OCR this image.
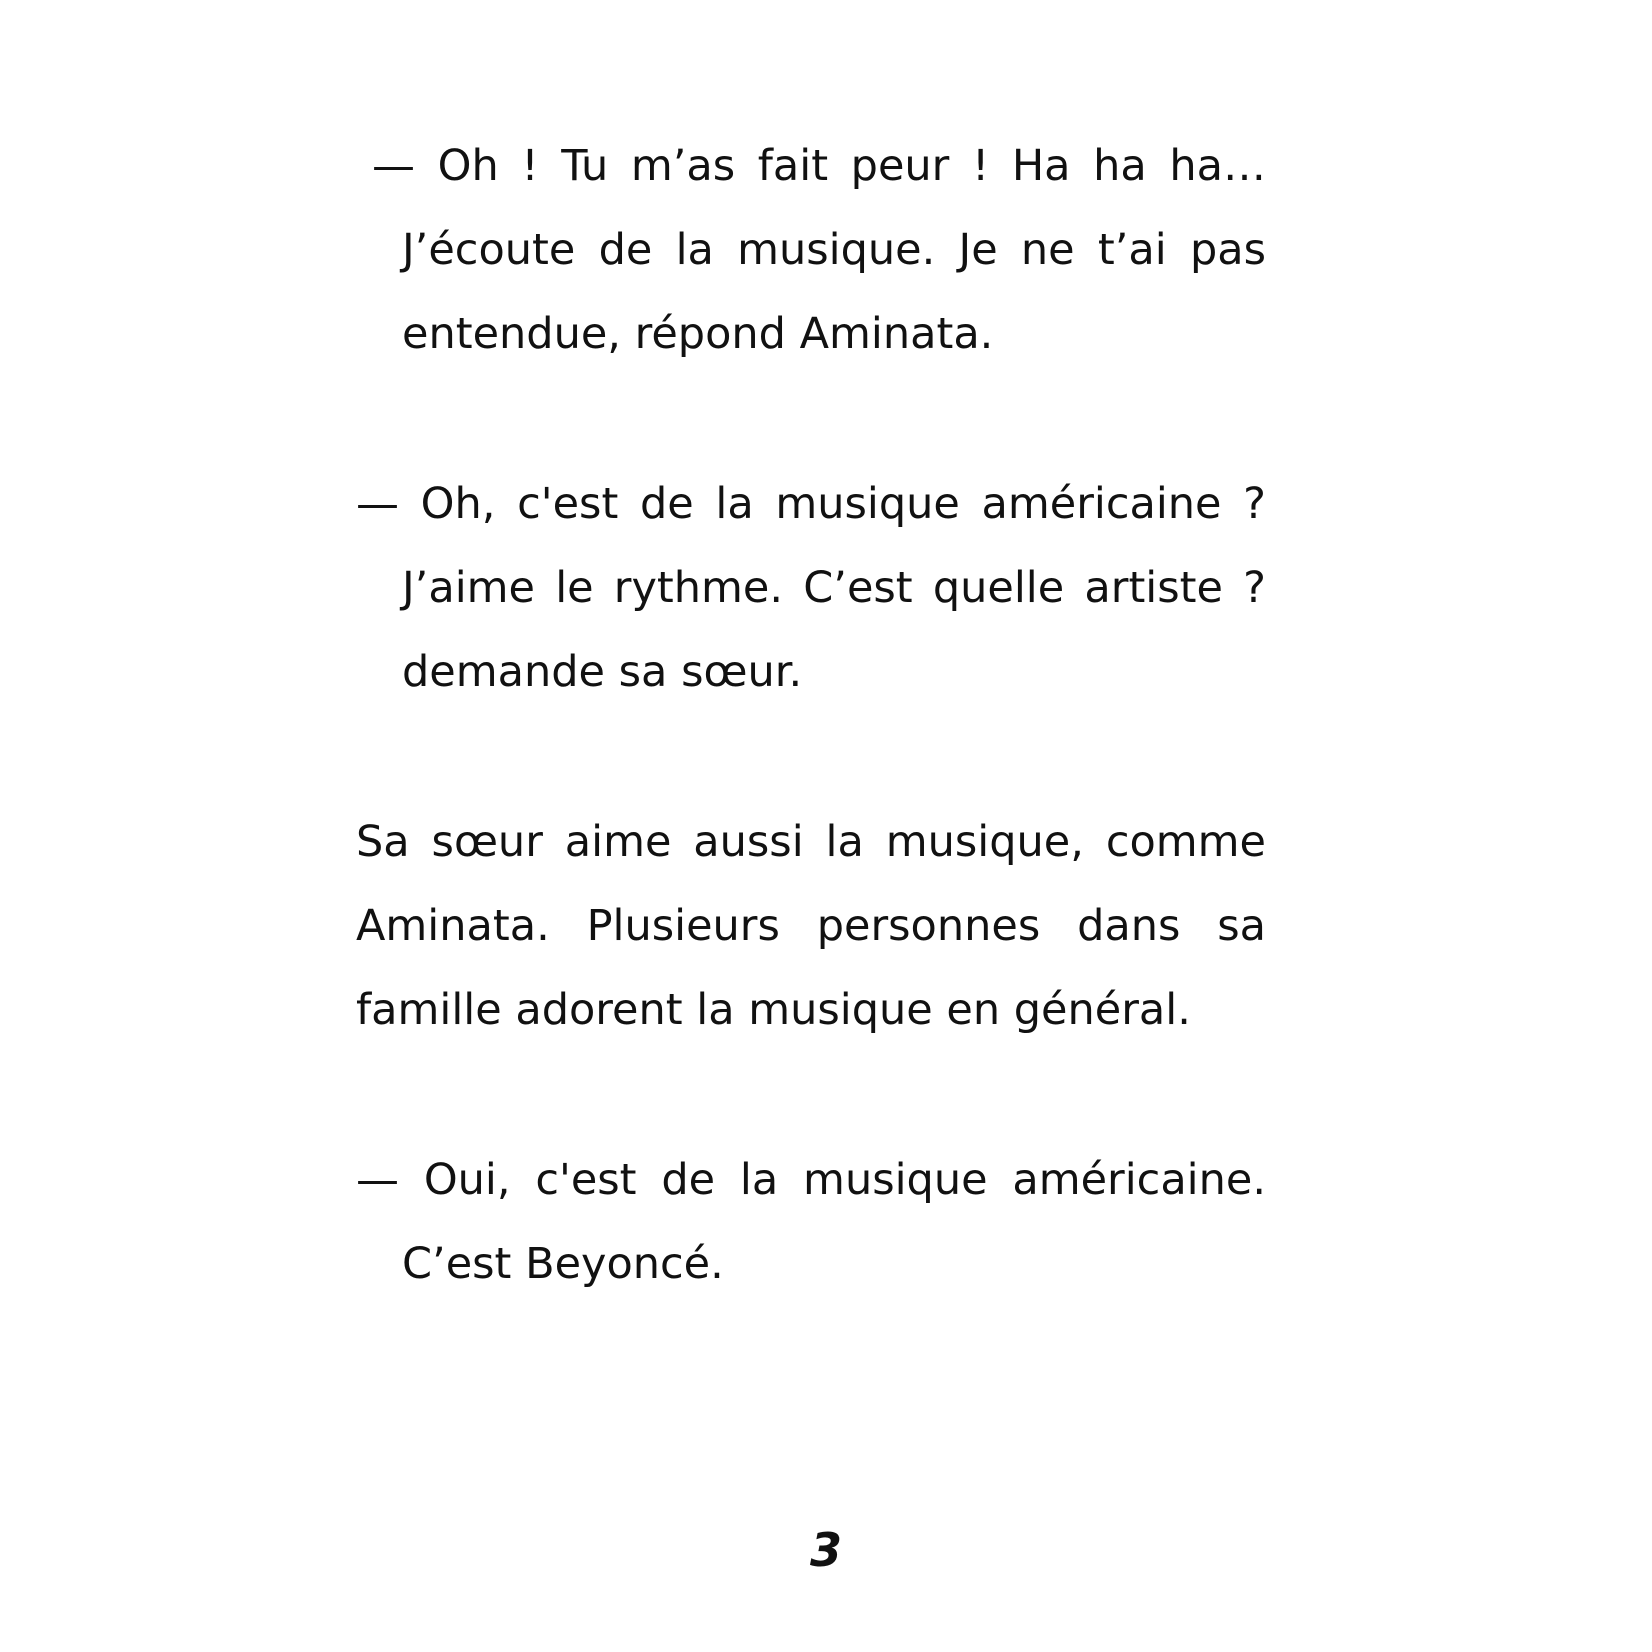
— Oh ! Tu m’as fait peur ! Ha ha ha…
J’écoute de la musique. Je ne t’ai pas
entendue, répond Aminata.
— Oh, c'est de la musique américaine ?
J’aime le rythme. C’est quelle artiste ?
demande sa sœur.
Sa sœur aime aussi la musique, comme
Aminata. Plusieurs personnes dans sa
famille adorent la musique en général.
— Oui, c'est de la musique américaine.
C’est Beyoncé.
3
